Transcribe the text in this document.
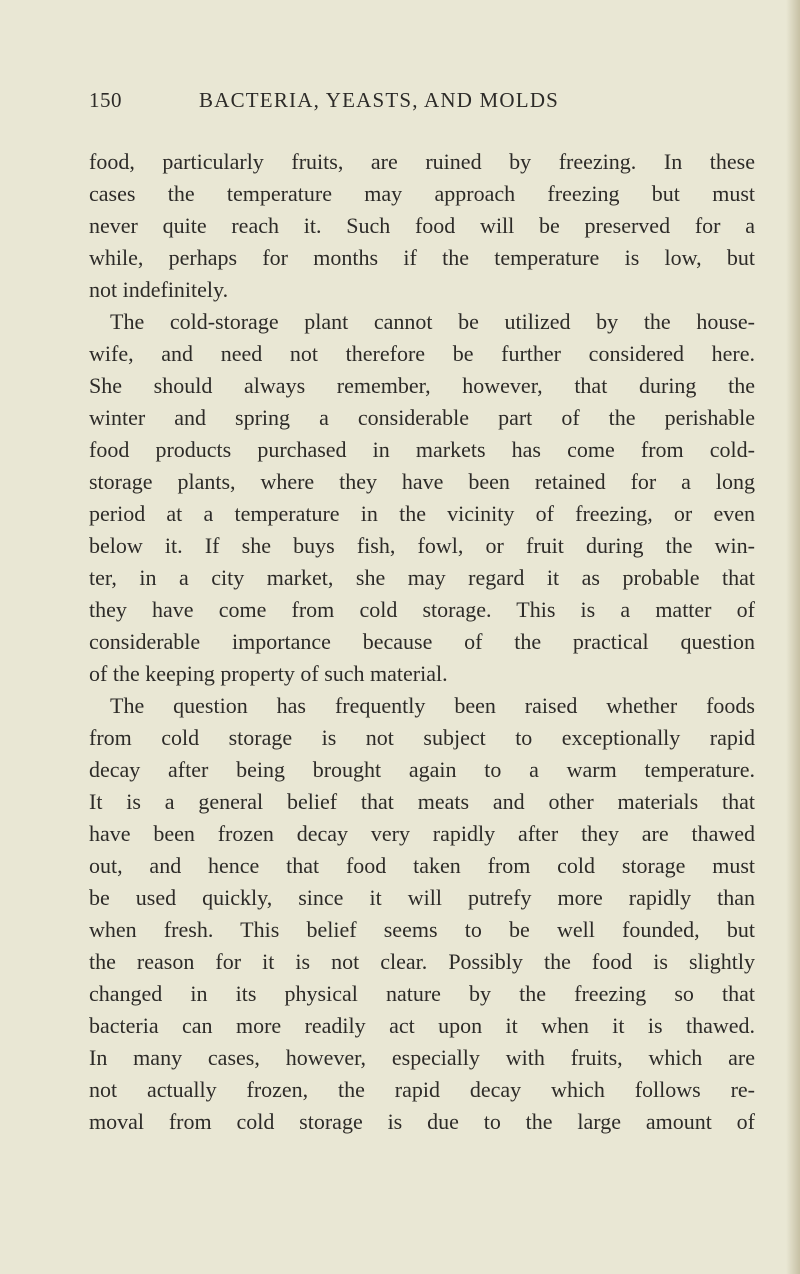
150	BACTERIA, YEASTS, AND MOLDS
food, particularly fruits, are ruined by freezing. In these
cases the temperature may approach freezing but must
never quite reach it. Such food will be preserved for a
while, perhaps for months if the temperature is low, but
not indefinitely.
The cold-storage plant cannot be utilized by the house-
wife, and need not therefore be further considered here.
She should always remember, however, that during the
winter and spring a considerable part of the perishable
food products purchased in markets has come from cold-
storage plants, where they have been retained for a long
period at a temperature in the vicinity of freezing, or even
below it. If she buys fish, fowl, or fruit during the win-
ter, in a city market, she may regard it as probable that
they have come from cold storage. This is a matter of
considerable importance because of the practical question
of the keeping property of such material.
The question has frequently been raised whether foods
from cold storage is not subject to exceptionally rapid
decay after being brought again to a warm temperature.
It is a general belief that meats and other materials that
have been frozen decay very rapidly after they are thawed
out, and hence that food taken from cold storage must
be used quickly, since it will putrefy more rapidly than
when fresh. This belief seems to be well founded, but
the reason for it is not clear. Possibly the food is slightly
changed in its physical nature by the freezing so that
bacteria can more readily act upon it when it is thawed.
In many cases, however, especially with fruits, which are
not actually frozen, the rapid decay which follows re-
moval from cold storage is due to the large amount of
